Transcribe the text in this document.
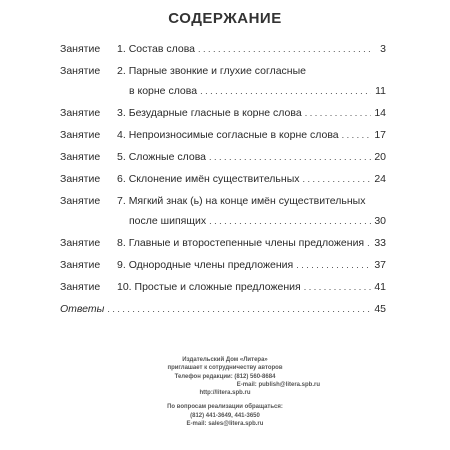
СОДЕРЖАНИЕ
Занятие	1. Состав слова . . .	3
Занятие	2. Парные звонкие и глухие согласные
в корне слова . . .	11
Занятие	3. Безударные гласные в корне слова . . .	14
Занятие	4. Непроизносимые согласные в корне слова . . .	17
Занятие	5. Сложные слова . . .	20
Занятие	6. Склонение имён существительных . . .	24
Занятие	7. Мягкий знак (ь) на конце имён существительных
после шипящих . . .	30
Занятие	8. Главные и второстепенные члены предложения . . . 33
Занятие	9. Однородные члены предложения . . .	37
Занятие	10. Простые и сложные предложения . . .	41
Ответы . . .	45
Издательский Дом «Литера»
приглашает к сотрудничеству авторов
Телефон редакции: (812) 560-8684
E-mail: publish@litera.spb.ru
http://litera.spb.ru
По вопросам реализации обращаться:
(812) 441-3649, 441-3650
E-mail: sales@litera.spb.ru
